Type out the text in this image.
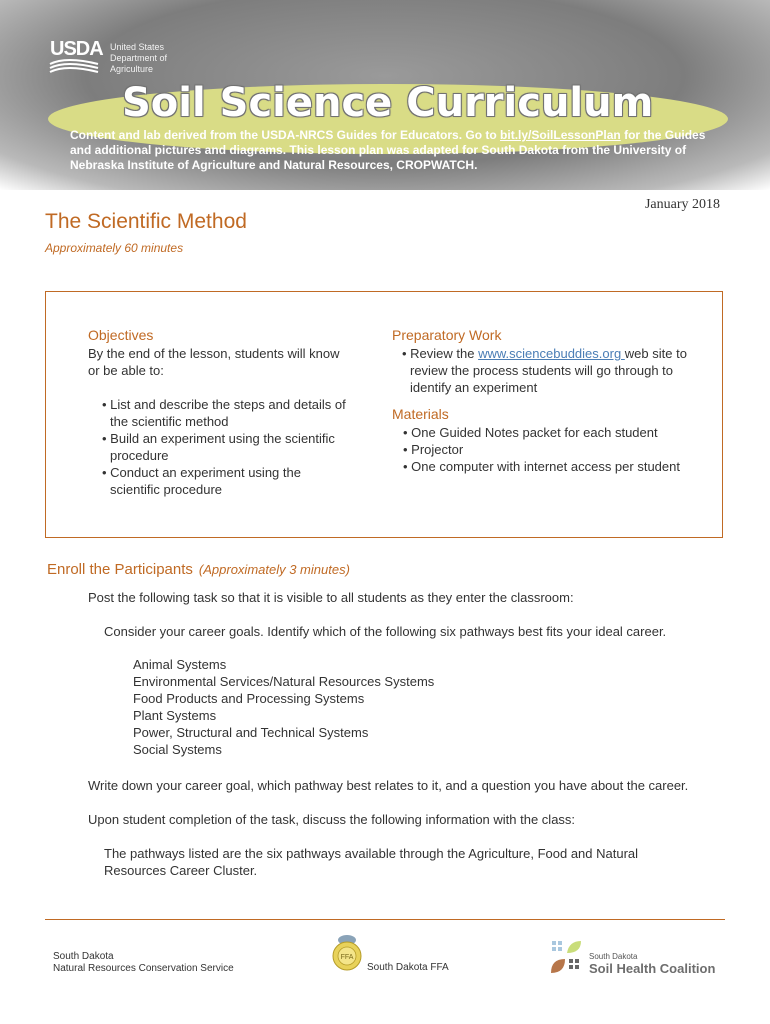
USDA United States
Department of
Agriculture
Soil Science Curriculum
Content and lab derived from the USDA-NRCS Guides for Educators. Go to bit.ly/SoilLessonPlan for the Guides and additional pictures and diagrams. This lesson plan was adapted for South Dakota from the University of Nebraska Institute of Agriculture and Natural Resources, CROPWATCH.
January 2018
The Scientific Method
Approximately 60 minutes
Objectives
By the end of the lesson, students will know or be able to:
• List and describe the steps and details of the scientific method
• Build an experiment using the scientific procedure
• Conduct an experiment using the scientific procedure
Preparatory Work
• Review the www.sciencebuddies.org web site to review the process students will go through to identify an experiment
Materials
• One Guided Notes packet for each student
• Projector
• One computer with internet access per student
Enroll the Participants (Approximately 3 minutes)
Post the following task so that it is visible to all students as they enter the classroom:
Consider your career goals. Identify which of the following six pathways best fits your ideal career.
Animal Systems
Environmental Services/Natural Resources Systems
Food Products and Processing Systems
Plant Systems
Power, Structural and Technical Systems
Social Systems
Write down your career goal, which pathway best relates to it, and a question you have about the career.
Upon student completion of the task, discuss the following information with the class:
The pathways listed are the six pathways available through the Agriculture, Food and Natural
Resources Career Cluster.
South Dakota
Natural Resources Conservation Service
FFA
South Dakota FFA
South Dakota
Soil Health Coalition
